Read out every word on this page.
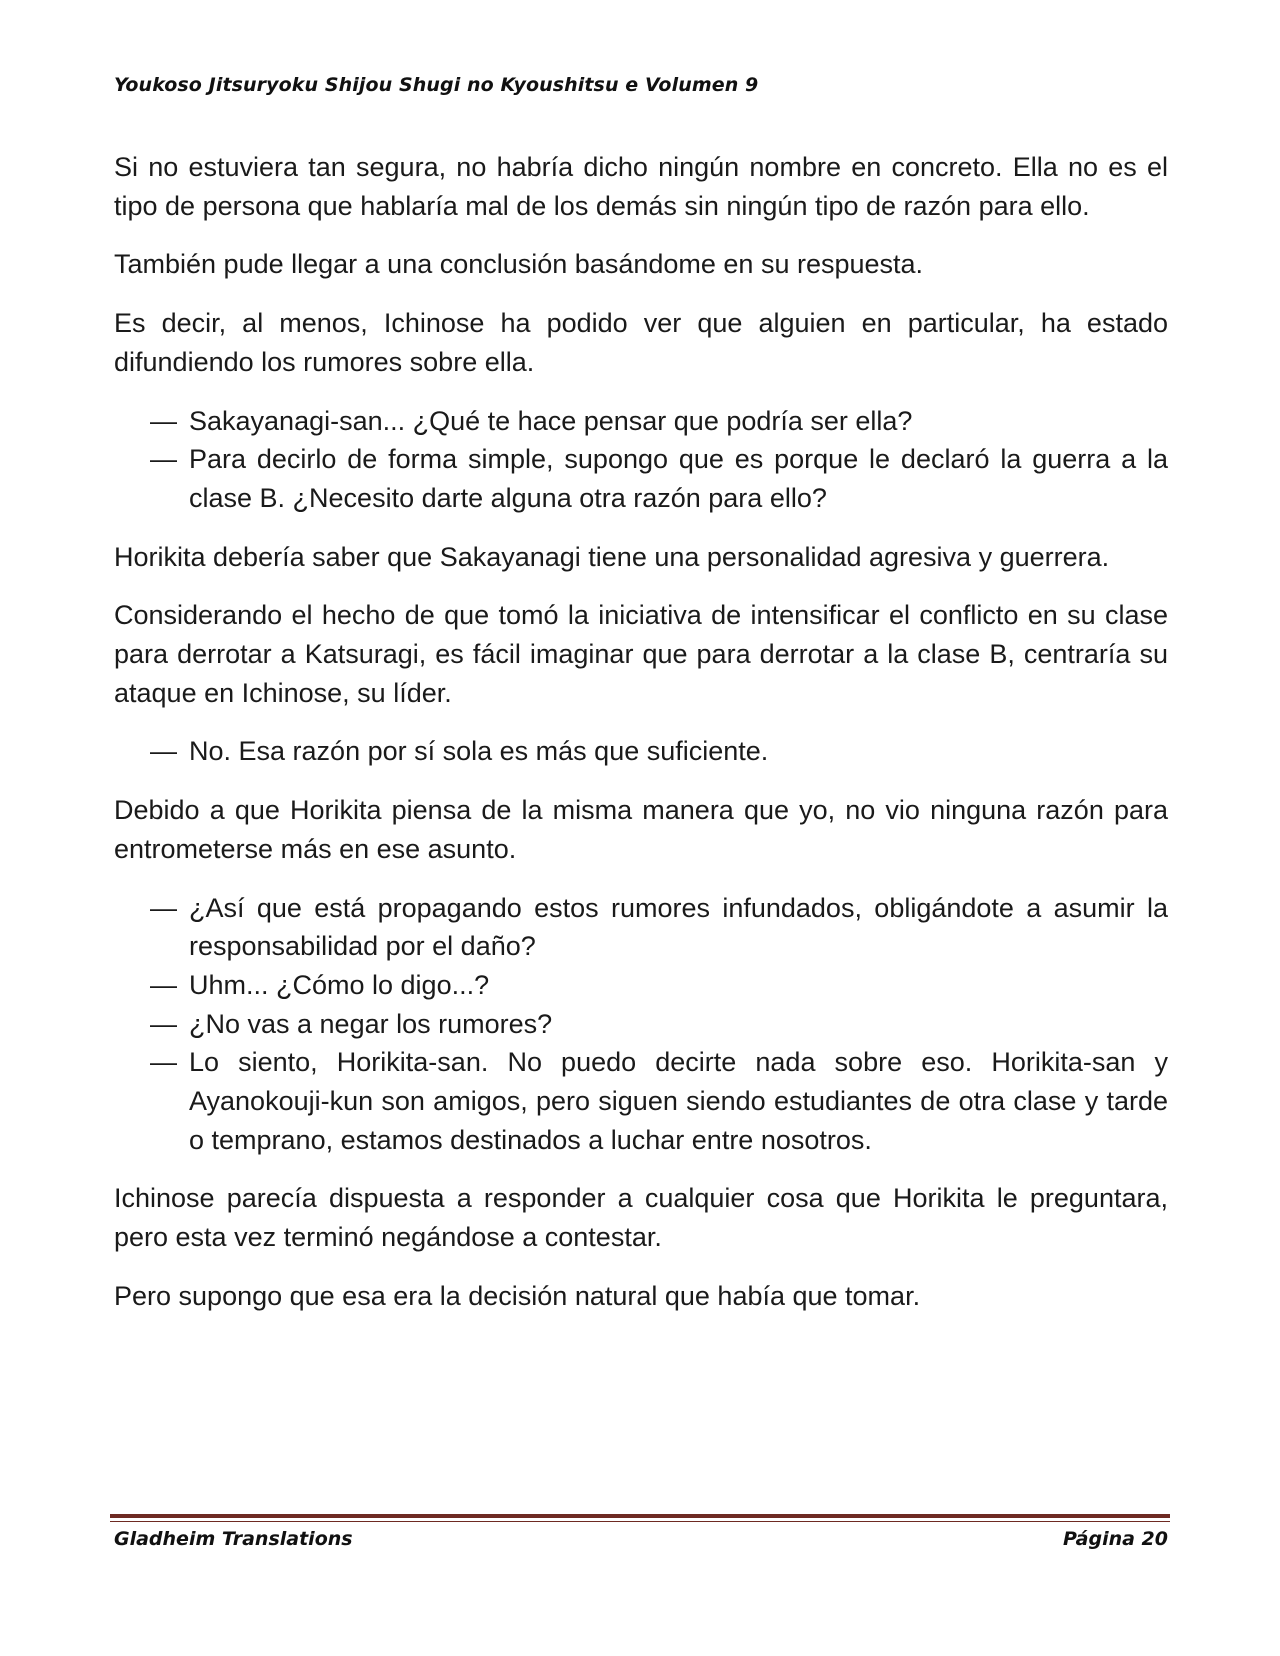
Youkoso Jitsuryoku Shijou Shugi no Kyoushitsu e Volumen 9

Si no estuviera tan segura, no habría dicho ningún nombre en concreto. Ella no es el tipo de persona que hablaría mal de los demás sin ningún tipo de razón para ello.

También pude llegar a una conclusión basándome en su respuesta.

Es decir, al menos, Ichinose ha podido ver que alguien en particular, ha estado difundiendo los rumores sobre ella.

— Sakayanagi-san... ¿Qué te hace pensar que podría ser ella?
— Para decirlo de forma simple, supongo que es porque le declaró la guerra a la clase B. ¿Necesito darte alguna otra razón para ello?

Horikita debería saber que Sakayanagi tiene una personalidad agresiva y guerrera.

Considerando el hecho de que tomó la iniciativa de intensificar el conflicto en su clase para derrotar a Katsuragi, es fácil imaginar que para derrotar a la clase B, centraría su ataque en Ichinose, su líder.

— No. Esa razón por sí sola es más que suficiente.

Debido a que Horikita piensa de la misma manera que yo, no vio ninguna razón para entrometerse más en ese asunto.

— ¿Así que está propagando estos rumores infundados, obligándote a asumir la responsabilidad por el daño?
— Uhm... ¿Cómo lo digo...?
— ¿No vas a negar los rumores?
— Lo siento, Horikita-san. No puedo decirte nada sobre eso. Horikita-san y Ayanokouji-kun son amigos, pero siguen siendo estudiantes de otra clase y tarde o temprano, estamos destinados a luchar entre nosotros.

Ichinose parecía dispuesta a responder a cualquier cosa que Horikita le preguntara, pero esta vez terminó negándose a contestar.

Pero supongo que esa era la decisión natural que había que tomar.

Gladheim Translations	Página 20
